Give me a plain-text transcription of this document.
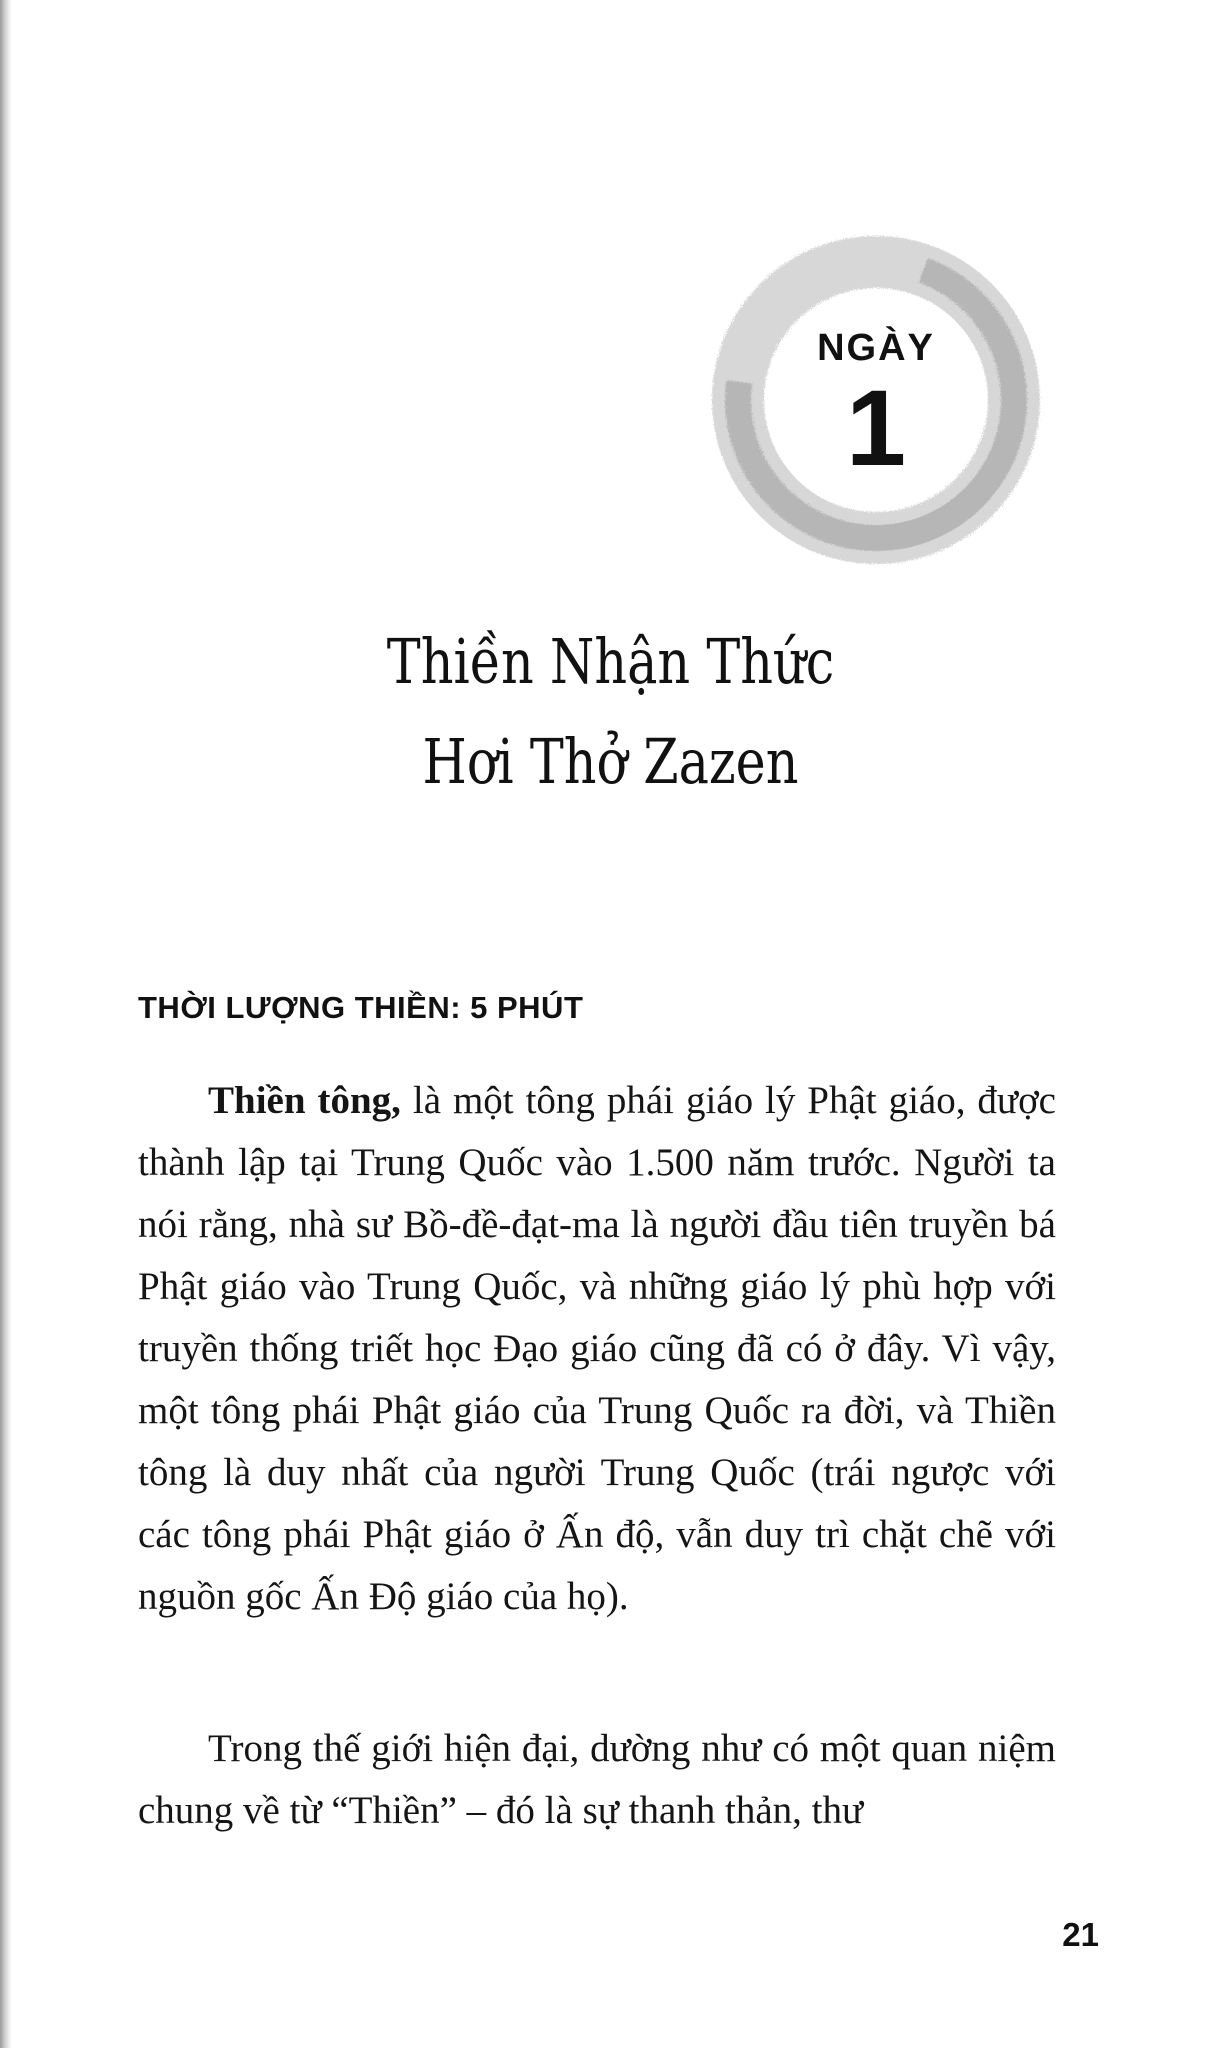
NGÀY
1
Thiền Nhận Thức
Hơi Thở Zazen
THỜI LƯỢNG THIỀN: 5 PHÚT
Thiền tông, là một tông phái giáo lý Phật giáo, được thành lập tại Trung Quốc vào 1.500 năm trước. Người ta nói rằng, nhà sư Bồ-đề-đạt-ma là người đầu tiên truyền bá Phật giáo vào Trung Quốc, và những giáo lý phù hợp với truyền thống triết học Đạo giáo cũng đã có ở đây. Vì vậy, một tông phái Phật giáo của Trung Quốc ra đời, và Thiền tông là duy nhất của người Trung Quốc (trái ngược với các tông phái Phật giáo ở Ấn độ, vẫn duy trì chặt chẽ với nguồn gốc Ấn Độ giáo của họ).
Trong thế giới hiện đại, dường như có một quan niệm chung về từ “Thiền” – đó là sự thanh thản, thư
21
